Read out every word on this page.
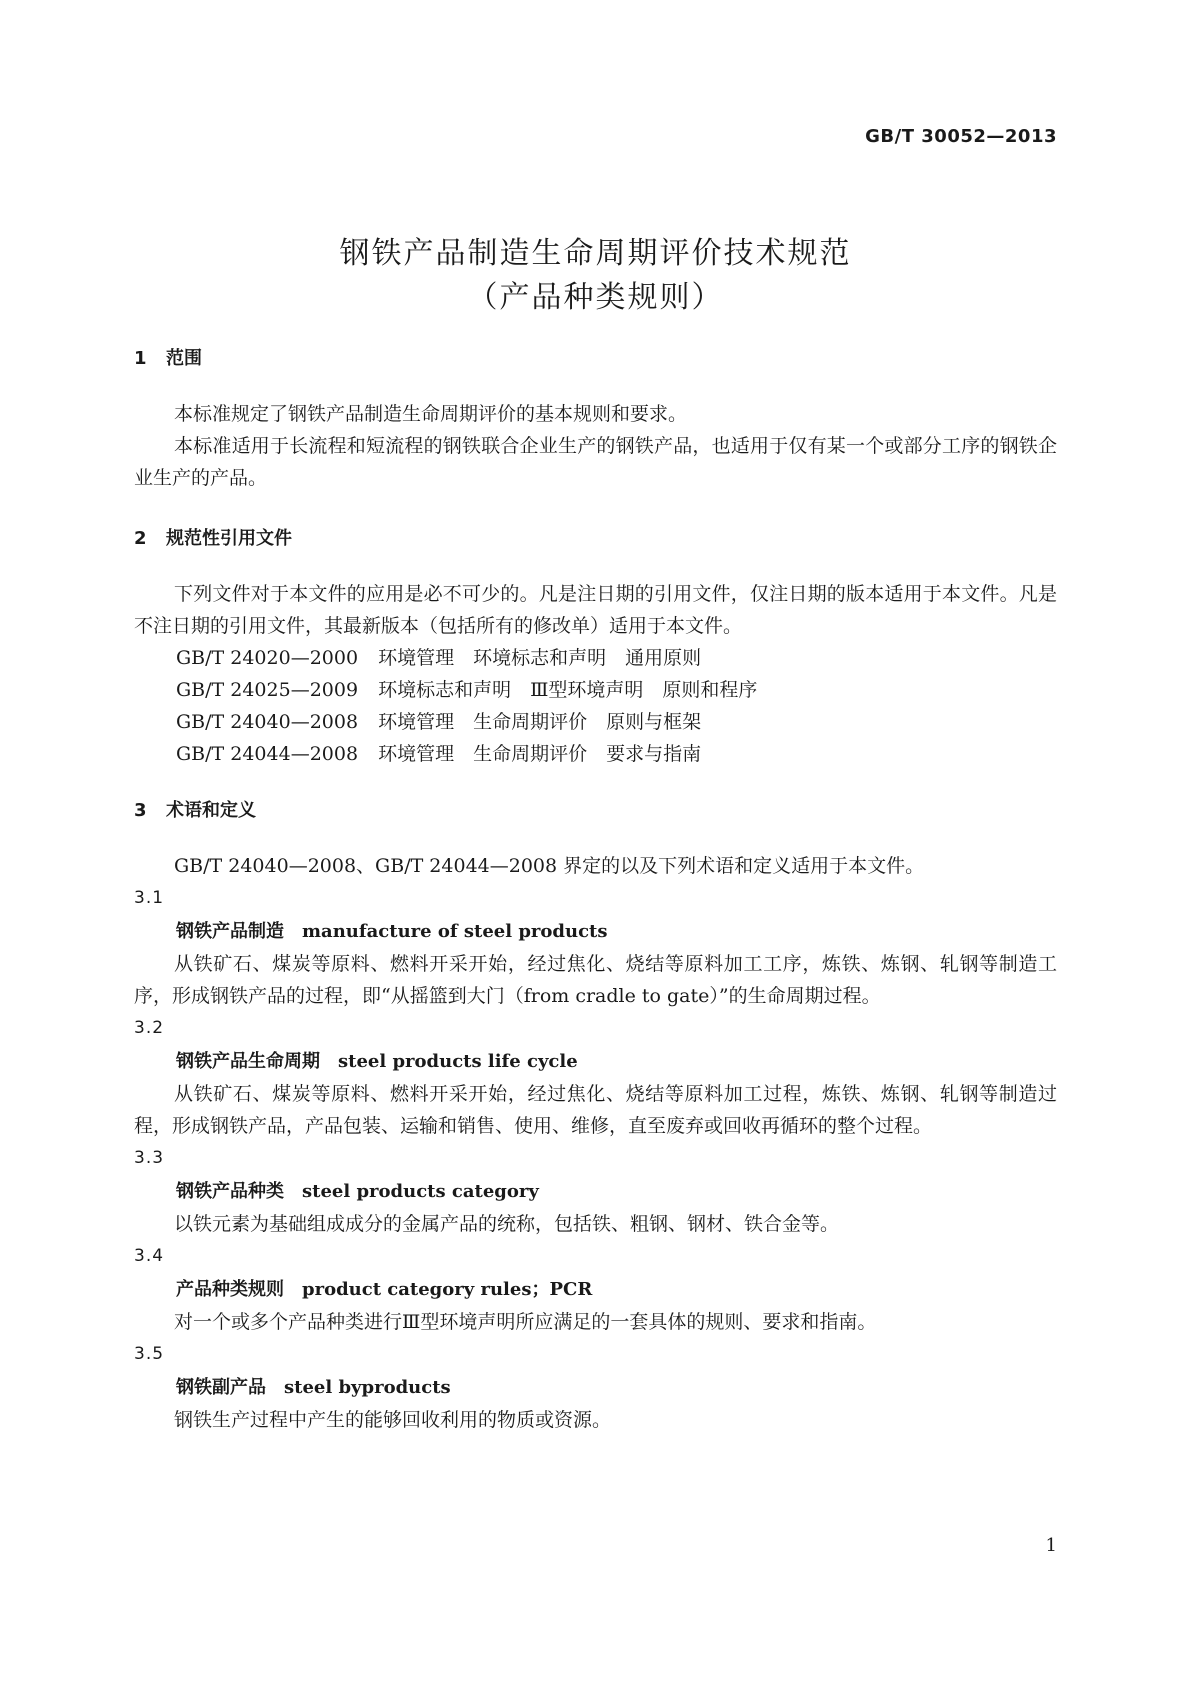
GB/T 30052—2013
钢铁产品制造生命周期评价技术规范
（产品种类规则）
1 范围

本标准规定了钢铁产品制造生命周期评价的基本规则和要求。

本标准适用于长流程和短流程的钢铁联合企业生产的钢铁产品，也适用于仅有某一个或部分工序的钢铁企业生产的产品。

2 规范性引用文件

下列文件对于本文件的应用是必不可少的。凡是注日期的引用文件，仅注日期的版本适用于本文件。凡是不注日期的引用文件，其最新版本（包括所有的修改单）适用于本文件。

GB/T 24020—2000 环境管理　环境标志和声明　通用原则
GB/T 24025—2009 环境标志和声明　Ⅲ型环境声明　原则和程序
GB/T 24040—2008 环境管理　生命周期评价　原则与框架
GB/T 24044—2008 环境管理　生命周期评价　要求与指南
3 术语和定义

GB/T 24040—2008、GB/T 24044—2008 界定的以及下列术语和定义适用于本文件。

3.1
钢铁产品制造 manufacture of steel products

从铁矿石、煤炭等原料、燃料开采开始，经过焦化、烧结等原料加工工序，炼铁、炼钢、轧钢等制造工序，形成钢铁产品的过程，即“从摇篮到大门（from cradle to gate）”的生命周期过程。

3.2
钢铁产品生命周期 steel products life cycle

从铁矿石、煤炭等原料、燃料开采开始，经过焦化、烧结等原料加工过程，炼铁、炼钢、轧钢等制造过程，形成钢铁产品，产品包装、运输和销售、使用、维修，直至废弃或回收再循环的整个过程。

3.3
钢铁产品种类 steel products category

以铁元素为基础组成成分的金属产品的统称，包括铁、粗钢、钢材、铁合金等。

3.4
产品种类规则 product category rules；PCR

对一个或多个产品种类进行Ⅲ型环境声明所应满足的一套具体的规则、要求和指南。

3.5
钢铁副产品 steel byproducts

钢铁生产过程中产生的能够回收利用的物质或资源。

1
